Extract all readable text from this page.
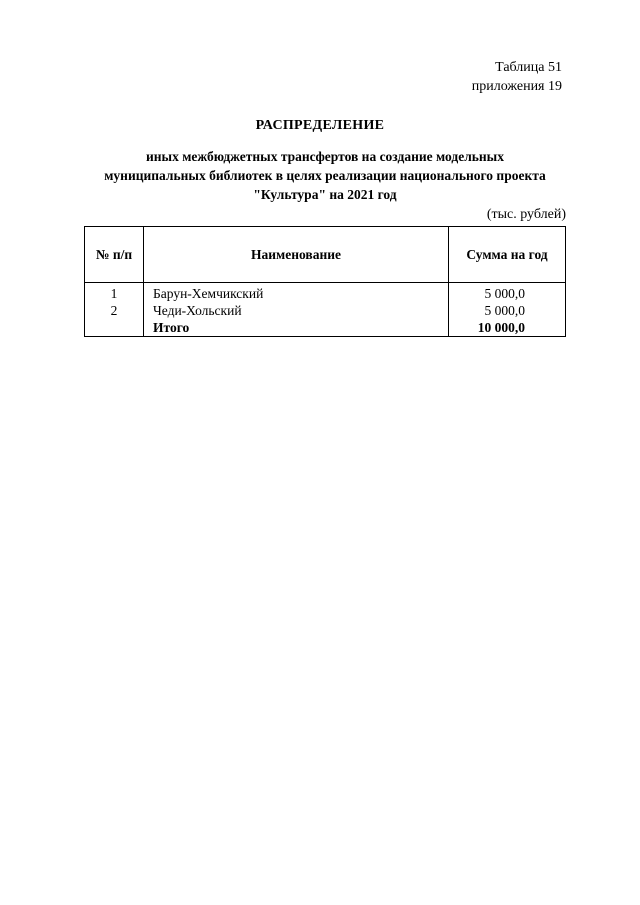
Таблица 51
приложения 19
РАСПРЕДЕЛЕНИЕ
иных межбюджетных трансфертов на создание модельных
муниципальных библиотек в целях реализации национального проекта
"Культура" на 2021 год
(тыс. рублей)
№ п/п	Наименование	Сумма на год
1	Барун-Хемчикский	5 000,0
2	Чеди-Хольский	5 000,0
	Итого	10 000,0
